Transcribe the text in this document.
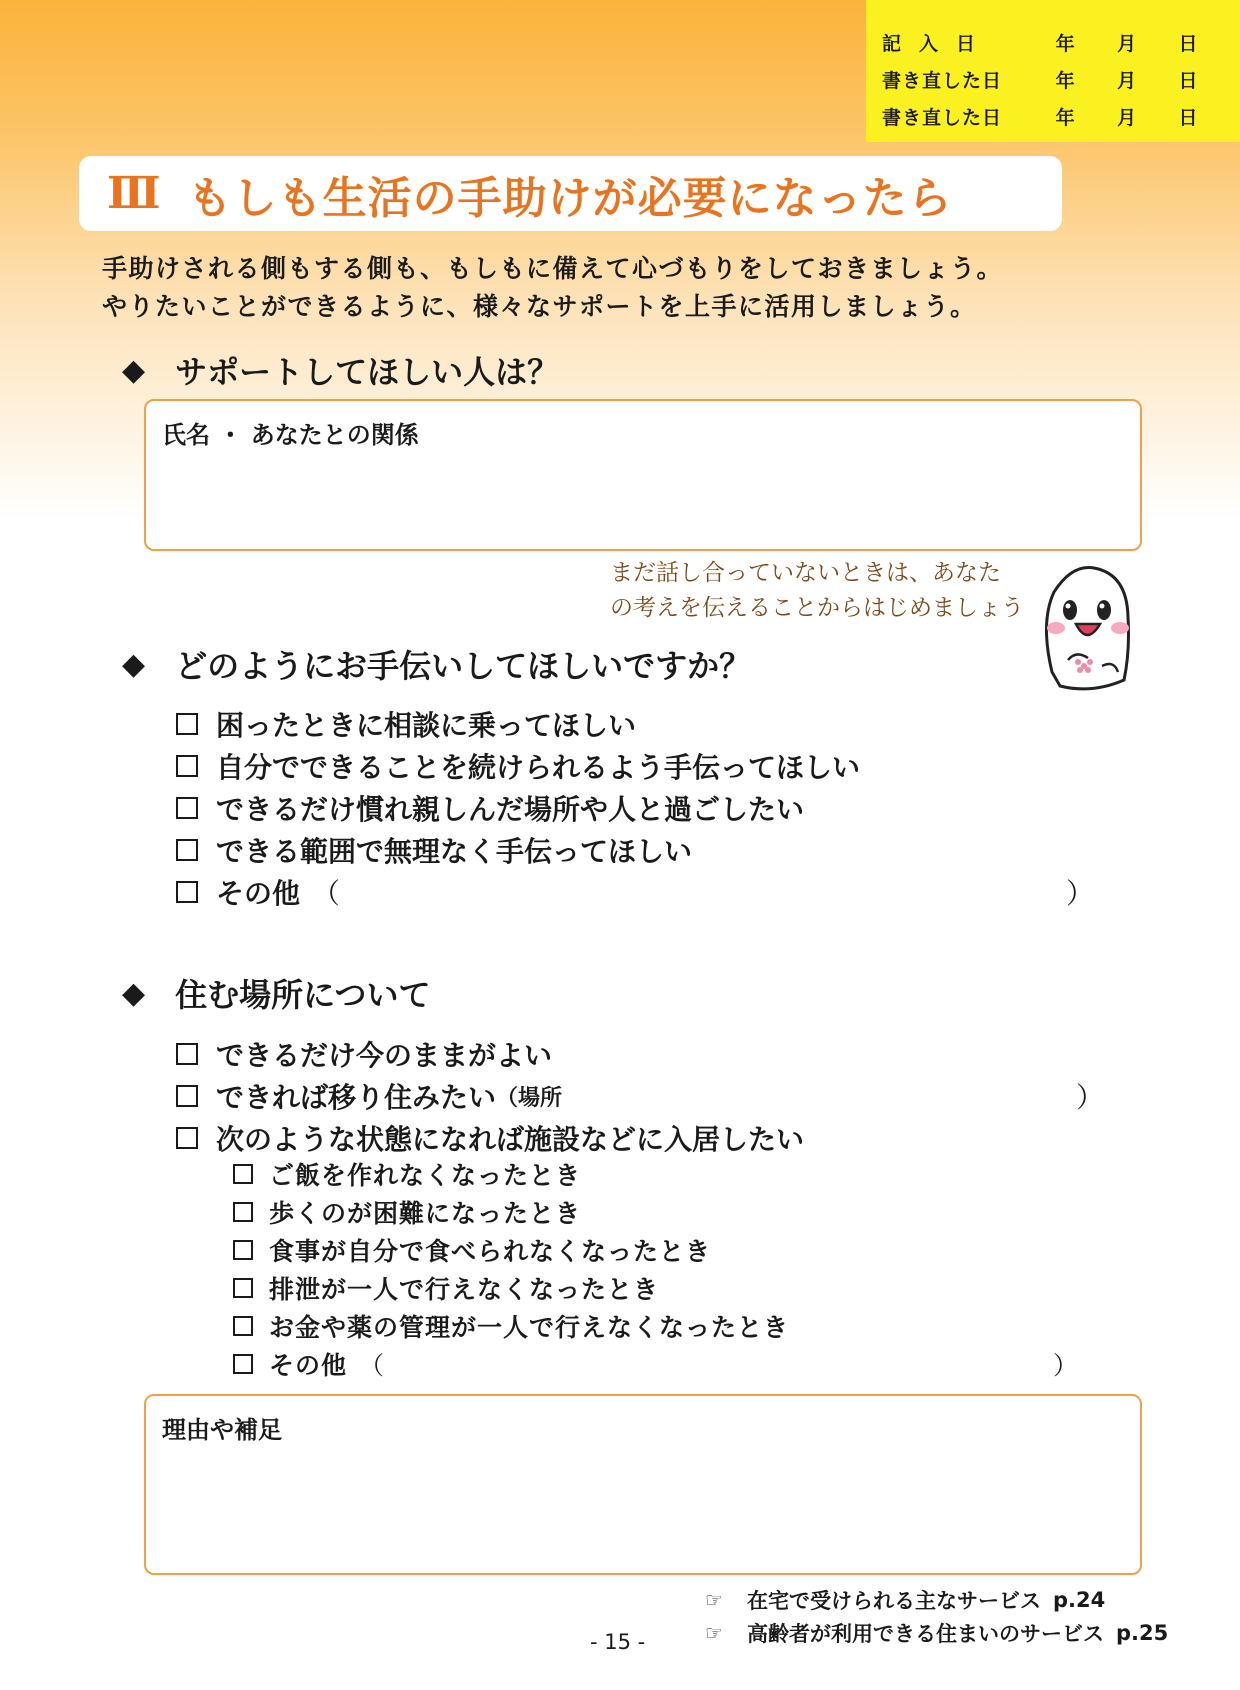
記入日	年	月	日
書き直した日	年	月	日
書き直した日	年	月	日
Ⅲ もしも生活の手助けが必要になったら
手助けされる側もする側も、もしもに備えて心づもりをしておきましょう。
やりたいことができるように、様々なサポートを上手に活用しましょう。
◆ サポートしてほしい人は？
氏名 ・ あなたとの関係
まだ話し合っていないときは、あなた
の考えを伝えることからはじめましょう
◆ どのようにお手伝いしてほしいですか？
困ったときに相談に乗ってほしい
自分でできることを続けられるよう手伝ってほしい
できるだけ慣れ親しんだ場所や人と過ごしたい
できる範囲で無理なく手伝ってほしい
その他 （	）
◆ 住む場所について
できるだけ今のままがよい
できれば移り住みたい （場所	）
次のような状態になれば施設などに入居したい
ご飯を作れなくなったとき
歩くのが困難になったとき
食事が自分で食べられなくなったとき
排泄が一人で行えなくなったとき
お金や薬の管理が一人で行えなくなったとき
その他 （	）
理由や補足
☞	在宅で受けられる主なサービス p.24
☞	高齢者が利用できる住まいのサービス p.25
- 15 -
